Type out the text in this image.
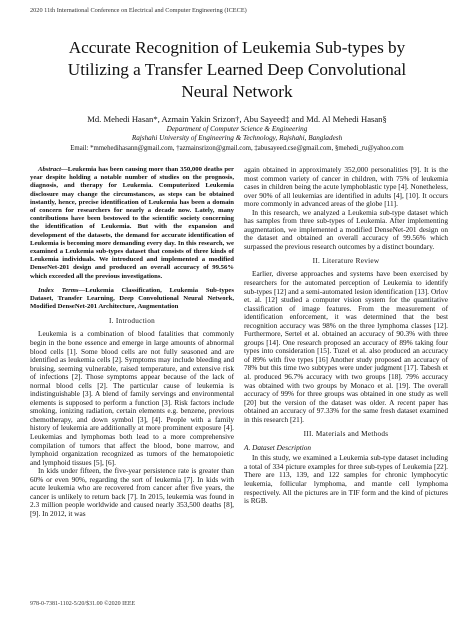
2020 11th International Conference on Electrical and Computer Engineering (ICECE)
Accurate Recognition of Leukemia Sub-types by
Utilizing a Transfer Learned Deep Convolutional
Neural Network
Md. Mehedi Hasan*, Azmain Yakin Srizon†, Abu Sayeed‡ and Md. Al Mehedi Hasan§
Department of Computer Science & Engineering
Rajshahi University of Engineering & Technology, Rajshahi, Bangladesh
Email: *mmehedihasann@gmail.com, †azmainsrizon@gmail.com, ‡abusayeed.cse@gmail.com, §mehedi_ru@yahoo.com

Abstract—Leukemia has been causing more than 350,000 deaths per year despite holding a notable number of studies on the prognosis, diagnosis, and therapy for Leukemia. Computerized Leukemia disclosure may change the circumstances, as steps can be obtained instantly, hence, precise identification of Leukemia has been a domain of concern for researchers for nearly a decade now. Lately, many contributions have been bestowed to the scientific society concerning the identification of Leukemia. But with the expansion and development of the datasets, the demand for accurate identification of Leukemia is becoming more demanding every day. In this research, we examined a Leukemia sub-types dataset that consists of three kinds of Leukemia individuals. We introduced and implemented a modified DenseNet-201 design and produced an overall accuracy of 99.56% which exceeded all the previous investigations.

Index Terms—Leukemia Classification, Leukemia Sub-types Dataset, Transfer Learning, Deep Convolutional Neural Network, Modified DenseNet-201 Architecture, Augmentation

I. Introduction

Leukemia is a combination of blood fatalities that commonly begin in the bone essence and emerge in large amounts of abnormal blood cells [1]. Some blood cells are not fully seasoned and are identified as leukemia cells [2]. Symptoms may include bleeding and bruising, seeming vulnerable, raised temperature, and extensive risk of infections [2]. Those symptoms appear because of the lack of normal blood cells [2]. The particular cause of leukemia is indistinguishable [3]. A blend of family servings and environmental elements is supposed to perform a function [3]. Risk factors include smoking, ionizing radiation, certain elements e.g. benzene, previous chemotherapy, and down symbol [3], [4]. People with a family history of leukemia are additionally at more prominent exposure [4]. Leukemias and lymphomas both lead to a more comprehensive compilation of tumors that affect the blood, bone marrow, and lymphoid organization recognized as tumors of the hematopoietic and lymphoid tissues [5], [6].

In kids under fifteen, the five-year persistence rate is greater than 60% or even 90%, regarding the sort of leukemia [7]. In kids with acute leukemia who are recovered from cancer after five years, the cancer is unlikely to return back [7]. In 2015, leukemia was found in 2.3 million people worldwide and caused nearly 353,500 deaths [8], [9]. In 2012, it was

again obtained in approximately 352,000 personalities [9]. It is the most common variety of cancer in children, with 75% of leukemia cases in children being the acute lymphoblastic type [4]. Nonetheless, over 90% of all leukemias are identified in adults [4], [10]. It occurs more commonly in advanced areas of the globe [11].

In this research, we analyzed a Leukemia sub-type dataset which has samples from three sub-types of Leukemia. After implementing augmentation, we implemented a modified DenseNet-201 design on the dataset and obtained an overall accuracy of 99.56% which surpassed the previous research outcomes by a distinct boundary.

II. Literature Review

Earlier, diverse approaches and systems have been exercised by researchers for the automated perception of Leukemia to identify sub-types [12] and a semi-automated lesion identification [13]. Orlov et. al. [12] studied a computer vision system for the quantitative classification of image features. From the measurement of identification enforcement, it was determined that the best recognition accuracy was 98% on the three lymphoma classes [12]. Furthermore, Sertel et al. obtained an accuracy of 90.3% with three groups [14]. One research proposed an accuracy of 89% taking four types into consideration [15]. Tuzel et al. also produced an accuracy of 89% with five types [16] Another study proposed an accuracy of 78% but this time two subtypes were under judgment [17]. Tabesh et al. produced 96.7% accuracy with two groups [18]. 79% accuracy was obtained with two groups by Monaco et al. [19]. The overall accuracy of 99% for three groups was obtained in one study as well [20] but the version of the dataset was older. A recent paper has obtained an accuracy of 97.33% for the same fresh dataset examined in this research [21].

III. Materials and Methods
A. Dataset Description

In this study, we examined a Leukemia sub-type dataset including a total of 334 picture examples for three sub-types of Leukemia [22]. There are 113, 139, and 122 samples for chronic lymphocytic leukemia, follicular lymphoma, and mantle cell lymphoma respectively. All the pictures are in TIF form and the kind of pictures is RGB.

978-0-7381-1102-5/20/$31.00 ©2020 IEEE
